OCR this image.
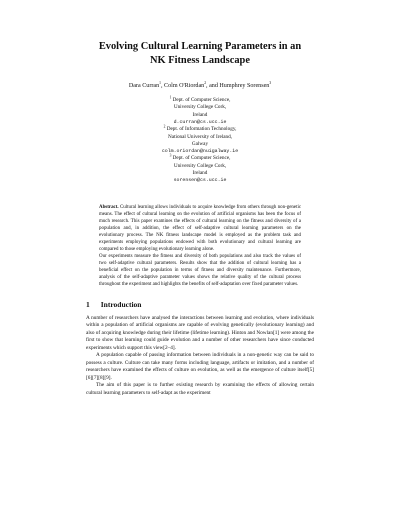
Evolving Cultural Learning Parameters in an
NK Fitness Landscape
Dara Curran$^1$, Colm O'Riordan$^2$, and Humphrey Sorensen$^3$
$^1$ Dept. of Computer Science,
University College Cork,
Ireland
d.curran@cs.ucc.ie
$^2$ Dept. of Information Technology,
National University of Ireland,
Galway
colm.oriordan@nuigalway.ie
$^3$ Dept. of Computer Science,
University College Cork,
Ireland
sorensen@cs.ucc.ie

Abstract. Cultural learning allows individuals to acquire knowledge from others through non-genetic means. The effect of cultural learning on the evolution of artificial organisms has been the focus of much research. This paper examines the effects of cultural learning on the fitness and diversity of a population and, in addition, the effect of self-adaptive cultural learning parameters on the evolutionary process. The NK fitness landscape model is employed as the problem task and experiments employing populations endowed with both evolutionary and cultural learning are compared to those employing evolutionary learning alone.

Our experiments measure the fitness and diversity of both populations and also track the values of two self-adaptive cultural parameters. Results show that the addition of cultural learning has a beneficial effect on the population in terms of fitness and diversity maintenance. Furthermore, analysis of the self-adaptive parameter values shows the relative quality of the cultural process throughout the experiment and highlights the benefits of self-adaptation over fixed parameter values.

1 Introduction

A number of researchers have analysed the interactions between learning and evolution, where individuals within a population of artificial organisms are capable of evolving genetically (evolutionary learning) and also of acquiring knowledge during their lifetime (lifetime learning). Hinton and Nowlan[1] were among the first to show that learning could guide evolution and a number of other researchers have since conducted experiments which support this view[2–4].

A population capable of passing information between individuals in a non-genetic way can be said to possess a culture. Culture can take many forms including language, artifacts or imitation, and a number of researchers have examined the effects of culture on evolution, as well as the emergence of culture itself[5][6][7][8][9].

The aim of this paper is to further existing research by examining the effects of allowing certain cultural learning parameters to self-adapt as the experiment
